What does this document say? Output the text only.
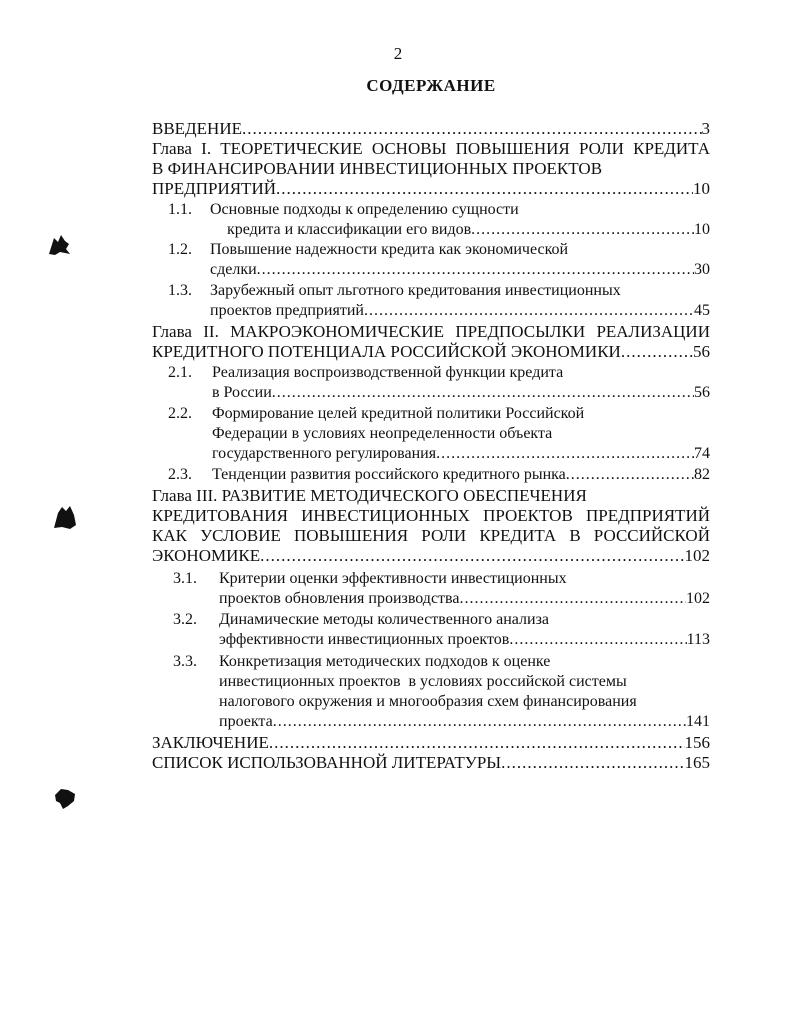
2
СОДЕРЖАНИЕ
ВВЕДЕНИЕ .....	3
Глава I. ТЕОРЕТИЧЕСКИЕ ОСНОВЫ ПОВЫШЕНИЯ РОЛИ КРЕДИТА
В ФИНАНСИРОВАНИИ ИНВЕСТИЦИОННЫХ ПРОЕКТОВ
ПРЕДПРИЯТИЙ .....	10
1.1. Основные подходы к определению сущности
кредита и классификации его видов .....	10
1.2. Повышение надежности кредита как экономической
сделки .....	30
1.3. Зарубежный опыт льготного кредитования инвестиционных
проектов предприятий .....	45
Глава II. МАКРОЭКОНОМИЧЕСКИЕ ПРЕДПОСЫЛКИ РЕАЛИЗАЦИИ
КРЕДИТНОГО ПОТЕНЦИАЛА РОССИЙСКОЙ ЭКОНОМИКИ .....	56
2.1. Реализация воспроизводственной функции кредита
в России .....	56
2.2. Формирование целей кредитной политики Российской
Федерации в условиях неопределенности объекта
государственного регулирования .....	74
2.3. Тенденции развития российского кредитного рынка .....	82
Глава III. РАЗВИТИЕ МЕТОДИЧЕСКОГО ОБЕСПЕЧЕНИЯ
КРЕДИТОВАНИЯ ИНВЕСТИЦИОННЫХ ПРОЕКТОВ ПРЕДПРИЯТИЙ
КАК УСЛОВИЕ ПОВЫШЕНИЯ РОЛИ КРЕДИТА В РОССИЙСКОЙ
ЭКОНОМИКЕ .....	102
3.1. Критерии оценки эффективности инвестиционных
проектов обновления производства .....	102
3.2. Динамические методы количественного анализа
эффективности инвестиционных проектов .....	113
3.3. Конкретизация методических подходов к оценке
инвестиционных проектов  в условиях российской системы
налогового окружения и многообразия схем финансирования
проекта .....	141
ЗАКЛЮЧЕНИЕ .....	156
СПИСОК ИСПОЛЬЗОВАННОЙ ЛИТЕРАТУРЫ .....	165
